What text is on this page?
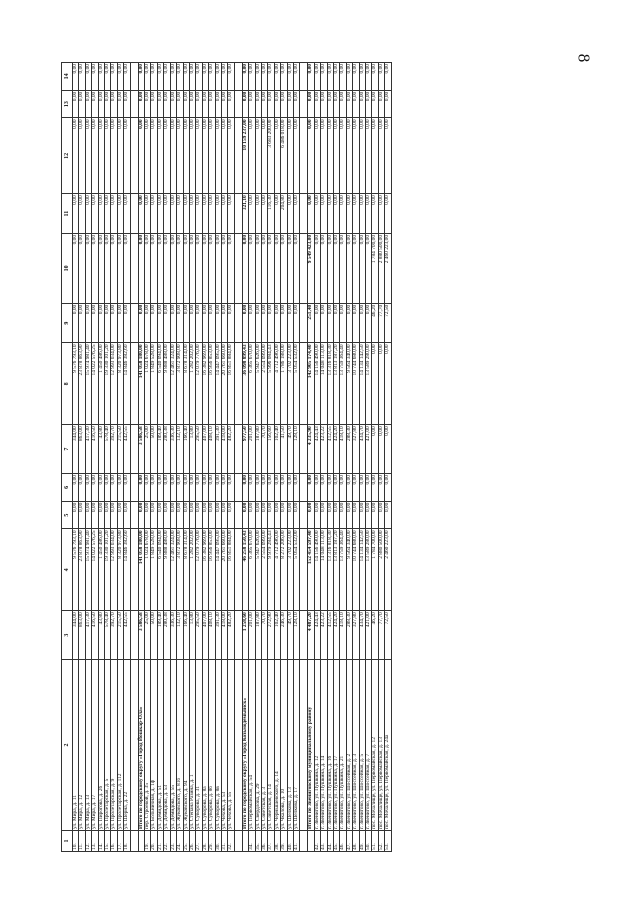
8
1	2	3	4	5	6	7	8	9	10	11	12	13	14
10.	ул. Мира, д. 11	344,00	9 576 793,10	0,00	0,00	344,00	9 576 793,10	0,00	0,00	0,00	0,00	0,00	0,00
11.	ул. Мира, д. 12	863,00	23 878 863,90	0,00	0,00	863,00	23 878 863,90	0,00	0,00	0,00	0,00	0,00	0,00
12.	ул. Мира, д. 13	417,30	15 974 981,40	0,00	0,00	417,30	15 974 981,40	0,00	0,00	0,00	0,00	0,00	0,00
13.	ул. Мира, д. 17	416,50	14 022 576,25	0,00	0,00	416,50	14 022 576,25	0,00	0,00	0,00	0,00	0,00	0,00
14.	ул. Пирогова, д. 26	43,80	1 450 486,00	0,00	0,00	43,80	1 450 486,00	0,00	0,00	0,00	0,00	0,00	0,00
15.	ул. Пролетарская, д. 5	578,40	19 330 101,20	0,00	0,00	578,40	19 330 101,20	0,00	0,00	0,00	0,00	0,00	0,00
16.	ул. Пролетарская, д. 9	392,70	12 993 034,00	0,00	0,00	392,70	12 993 034,00	0,00	0,00	0,00	0,00	0,00	0,00
17.	ул. Пролетарская, д. 112	215,50	8 320 973,80	0,00	0,00	215,50	8 320 973,80	0,00	0,00	0,00	0,00	0,00	0,00
18.	ул. Шерна, д. 22	442,55	14 846 382,60	0,00	0,00	442,55	14 846 382,60	0,00	0,00	0,00	0,00	0,00	0,00

	Итого по городскому округу «Город Йошкар-Ола»	3 586,58	141 058 180,00	0,00	0,00	3 586,58	141 058 180,00	0,00	0,00	0,00	0,00	0,00	0,00
19.	пер. Строевой, д. 35	25,00	1 024 678,00	0,00	0,00	25,00	1 024 678,00	0,00	0,00	0,00	0,00	0,00	0,00
20.	ул. Больничная, д. 1ф	50,00	1 849 528,00	0,00	0,00	50,00	1 849 528,00	0,00	0,00	0,00	0,00	0,00	0,00
21.	ул. Демидова, д. 51	189,40	6 540 094,00	0,00	0,00	189,40	6 540 094,00	0,00	0,00	0,00	0,00	0,00	0,00
22.	ул. Демидова, д. 53	280,38	9 888 488,00	0,00	0,00	280,38	9 888 488,00	0,00	0,00	0,00	0,00	0,00	0,00
23.	ул. Демидова, д. 55	336,30	12 461 324,00	0,00	0,00	336,30	12 461 324,00	0,00	0,00	0,00	0,00	0,00	0,00
24.	ул. Жуковского, д. 81б	132,10	3 872 908,00	0,00	0,00	132,10	3 872 908,00	0,00	0,00	0,00	0,00	0,00	0,00
25.	ул. Жуковского, д. 94	166,40	8 678 314,00	0,00	0,00	166,40	8 678 314,00	0,00	0,00	0,00	0,00	0,00	0,00
26.	ул. Степана Разина, д. 1	13,80	1 282 202,00	0,00	0,00	13,80	1 282 202,00	0,00	0,00	0,00	0,00	0,00	0,00
27.	ул. Суворова, д. 31	295,50	12 079 776,00	0,00	0,00	295,50	12 079 776,00	0,00	0,00	0,00	0,00	0,00	0,00
28.	ул. Суворова, д. 8а	407,00	16 382 969,00	0,00	0,00	407,00	16 382 969,00	0,00	0,00	0,00	0,00	0,00	0,00
29.	ул. Суворова, д. 8б	408,10	16 956 853,00	0,00	0,00	408,10	16 956 853,00	0,00	0,00	0,00	0,00	0,00	0,00
30.	ул. Суворова, д. 8в	391,30	14 447 095,00	0,00	0,00	391,30	14 447 095,00	0,00	0,00	0,00	0,00	0,00	0,00
31.	ул. Чехова, д. 53	418,00	20 761 660,00	0,00	0,00	418,00	20 761 660,00	0,00	0,00	0,00	0,00	0,00	0,00
32.	ул. Чехова, д. 55	482,20	16 851 884,00	0,00	0,00	482,20	16 851 884,00	0,00	0,00	0,00	0,00	0,00	0,00

	Итого по городскому округу «Город Козьмодемьянск»	1 258,60	46 258 150,43	0,00	0,00	977,50	36 098 899,43	0,00	0,00	321,10	10 159 237,00	0,00	0,00
34.	ул. Первомайская, д. 54	201,00	6 365 670,00	0,00	0,00	201,00	6 365 670,00	0,00	0,00	0,00	0,00	0,00	0,00
35.	ул. Свердлова, д. 29	187,80	5 947 626,00	0,00	0,00	187,80	5 947 626,00	0,00	0,00	0,00	0,00	0,00	0,00
36.	ул. Советская, д. 3	70,70	2 554 099,00	0,00	0,00	70,70	2 554 099,00	0,00	0,00	0,00	0,00	0,00	0,00
37.	ул. Советская, д. 14	272,90	9 979 284,43	0,00	0,00	156,60	5 996 084,43	0,00	0,00	116,30	3 683 200,00	0,00	0,00
38.	ул. Чернышевского, д. 14	102,40	4 712 496,00	0,00	0,00	102,40	4 712 496,00	0,00	0,00	0,00	0,00	0,00	0,00
39.	ул. Чкалова, д. 10	246,30	8 272 206,00	0,00	0,00	41,50	1 786 188,00	0,00	0,00	204,80	6 486 018,00	0,00	0,00
40.	ул. Шелкова, д. 13	49,70	3 702 223,00	0,00	0,00	49,70	3 702 223,00	0,00	0,00	0,00	0,00	0,00	0,00
41.	ул. Шелкова, д. 17	128,10	5 054 532,00	0,00	0,00	128,10	5 054 532,00	0,00	0,00	0,00	0,00	0,00	0,00

	Итого по Звениговскому муниципальному району	4 487,20	152 454 597,40	0,00	0,00	4 235,90	142 905 174,40	251,40	9 549 423,00	0,00	0,00	0,00	0,00
42.	г. Звенигово, ул. Пушкина, д. 12	424,43	14 156 490,00	0,00	0,00	424,43	14 156 490,00	0,00	0,00	0,00	0,00	0,00	0,00
43.	г. Звенигово, ул. Пушкина, д. 14	423,22	14 048 113,00	0,00	0,00	423,22	14 048 113,00	0,00	0,00	0,00	0,00	0,00	0,00
44.	г. Звенигово, ул. Пушкина, д. 16	412,55	13 316 818,30	0,00	0,00	412,55	13 316 818,30	0,00	0,00	0,00	0,00	0,00	0,00
45.	г. Звенигово, ул. Пушкина, д. 17	424,20	13 813 187,20	0,00	0,00	424,20	13 813 187,20	0,00	0,00	0,00	0,00	0,00	0,00
46.	г. Звенигово, ул. Пушкина, д. 21	418,10	13 759 364,40	0,00	0,00	418,10	13 759 364,40	0,00	0,00	0,00	0,00	0,00	0,00
47.	г. Звенигово, ул. Шоссейная, д. 2	288,30	9 564 340,00	0,00	0,00	288,30	9 564 340,00	0,00	0,00	0,00	0,00	0,00	0,00
48.	г. Звенигово, ул. Шоссейная, д. 3	327,80	10 744 680,00	0,00	0,00	327,80	10 744 680,00	0,00	0,00	0,00	0,00	0,00	0,00
49.	г. Звенигово, ул. Шоссейная, д. 5	434,70	14 134 142,50	0,00	0,00	434,70	14 134 142,50	0,00	0,00	0,00	0,00	0,00	0,00
50.	г. Звенигово, ул. Шоссейная, д. 7	421,00	13 589 280,00	0,00	0,00	421,00	13 589 280,00	0,00	0,00	0,00	0,00	0,00	0,00
51.	пос. Мочалище, ул. Первомайская, д. 12	46,20	1 784 700,00	0,00	0,00	0,00	0,00	46,20	1 784 700,00	0,00	0,00	0,00	0,00
52.	пос. Мочалище, ул. Первомайская, д. 13	77,70	2 880 500,00	0,00	0,00	0,00	0,00	77,70	2 880 500,00	0,00	0,00	0,00	0,00
53.	пос. Мочалище, ул. Первомайская, д. 24а	72,50	2 460 223,00	0,00	0,00	0,00	0,00	72,50	2 460 223,00	0,00	0,00	0,00	0,00
